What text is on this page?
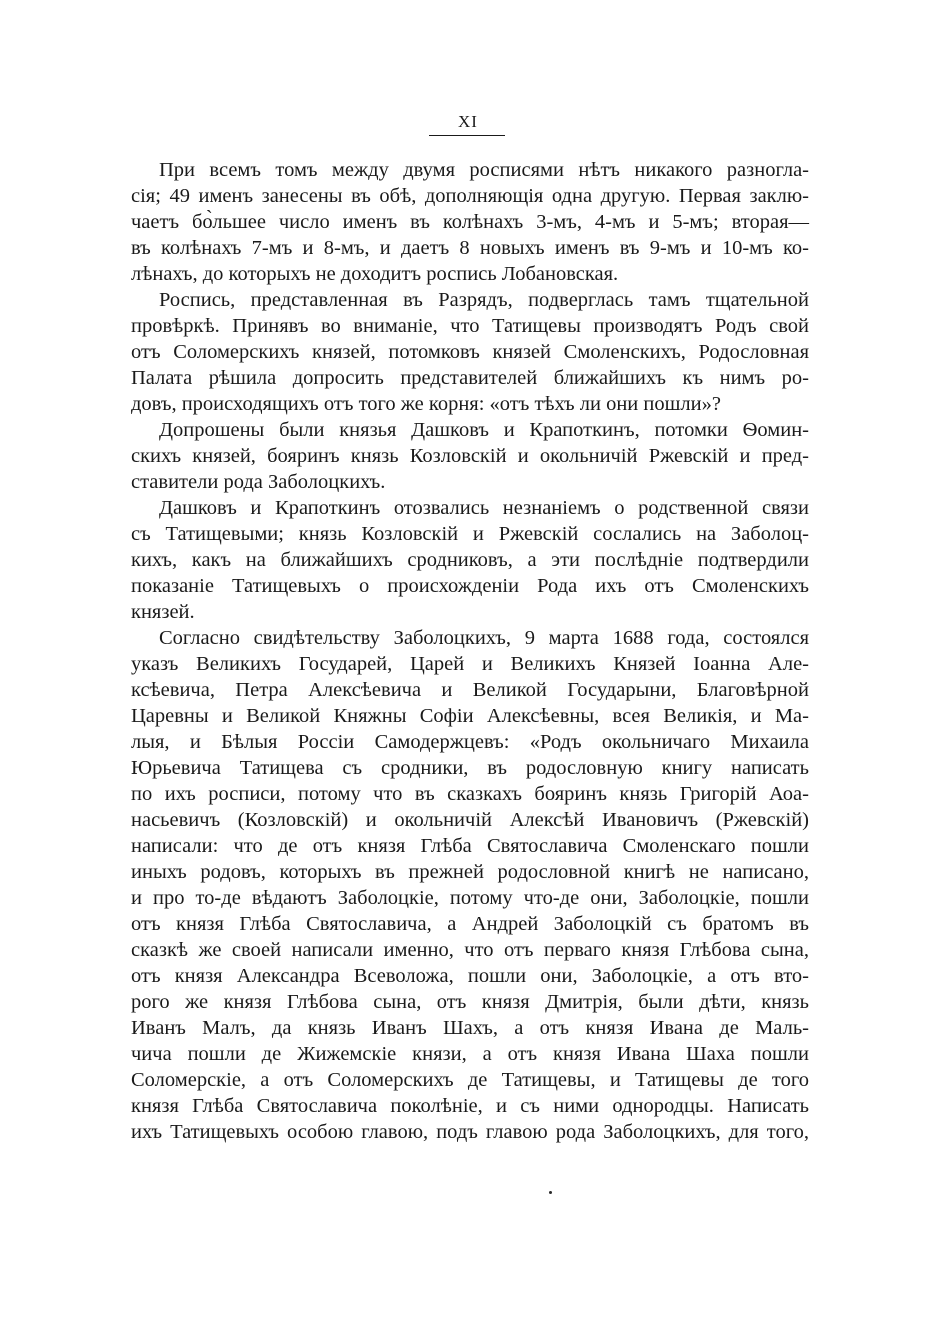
XI
При всемъ томъ между двумя росписями нѣтъ никакого разногла-
сія; 49 именъ занесены въ обѣ, дополняющія одна другую. Первая заклю-
чаетъ бо̀льшее число именъ въ колѣнахъ 3-мъ, 4-мъ и 5-мъ; вторая—
въ колѣнахъ 7-мъ и 8-мъ, и даетъ 8 новыхъ именъ въ 9-мъ и 10-мъ ко-
лѣнахъ, до которыхъ не доходитъ роспись Лобановская.
Роспись, представленная въ Разрядъ, подверглась тамъ тщательной
провѣркѣ. Принявъ во вниманіе, что Татищевы производятъ Родъ свой
отъ Соломерскихъ князей, потомковъ князей Смоленскихъ, Родословная
Палата рѣшила допросить представителей ближайшихъ къ нимъ ро-
довъ, происходящихъ отъ того же корня: «отъ тѣхъ ли они пошли»?
Допрошены были князья Дашковъ и Крапоткинъ, потомки Ѳомин-
скихъ князей, бояринъ князь Козловскій и окольничій Ржевскій и пред-
ставители рода Заболоцкихъ.
Дашковъ и Крапоткинъ отозвались незнаніемъ о родственной связи
съ Татищевыми; князь Козловскій и Ржевскій сослались на Заболоц-
кихъ, какъ на ближайшихъ сродниковъ, а эти послѣдніе подтвердили
показаніе Татищевыхъ о происхожденіи Рода ихъ отъ Смоленскихъ
князей.
Согласно свидѣтельству Заболоцкихъ, 9 марта 1688 года, состоялся
указъ Великихъ Государей, Царей и Великихъ Князей Іоанна Але-
ксѣевича, Петра Алексѣевича и Великой Государыни, Благовѣрной
Царевны и Великой Княжны Софіи Алексѣевны, всея Великія, и Ма-
лыя, и Бѣлыя Россіи Самодержцевъ: «Родъ окольничаго Михаила
Юрьевича Татищева съ сродники, въ родословную книгу написать
по ихъ росписи, потому что въ сказкахъ бояринъ князь Григорій Аоа-
насьевичъ (Козловскій) и окольничій Алексѣй Ивановичъ (Ржевскій)
написали: что де отъ князя Глѣба Святославича Смоленскаго пошли
иныхъ родовъ, которыхъ въ прежней родословной книгѣ не написано,
и про то-де вѣдаютъ Заболоцкіе, потому что-де они, Заболоцкіе, пошли
отъ князя Глѣба Святославича, а Андрей Заболоцкій съ братомъ въ
сказкѣ же своей написали именно, что отъ перваго князя Глѣбова сына,
отъ князя Александра Всеволожа, пошли они, Заболоцкіе, а отъ вто-
рого же князя Глѣбова сына, отъ князя Дмитрія, были дѣти, князь
Иванъ Малъ, да князь Иванъ Шахъ, а отъ князя Ивана де Маль-
чича пошли де Жижемскіе князи, а отъ князя Ивана Шаха пошли
Соломерскіе, а отъ Соломерскихъ де Татищевы, и Татищевы де того
князя Глѣба Святославича поколѣніе, и съ ними однородцы. Написать
ихъ Татищевыхъ особою главою, подъ главою рода Заболоцкихъ, для того,
